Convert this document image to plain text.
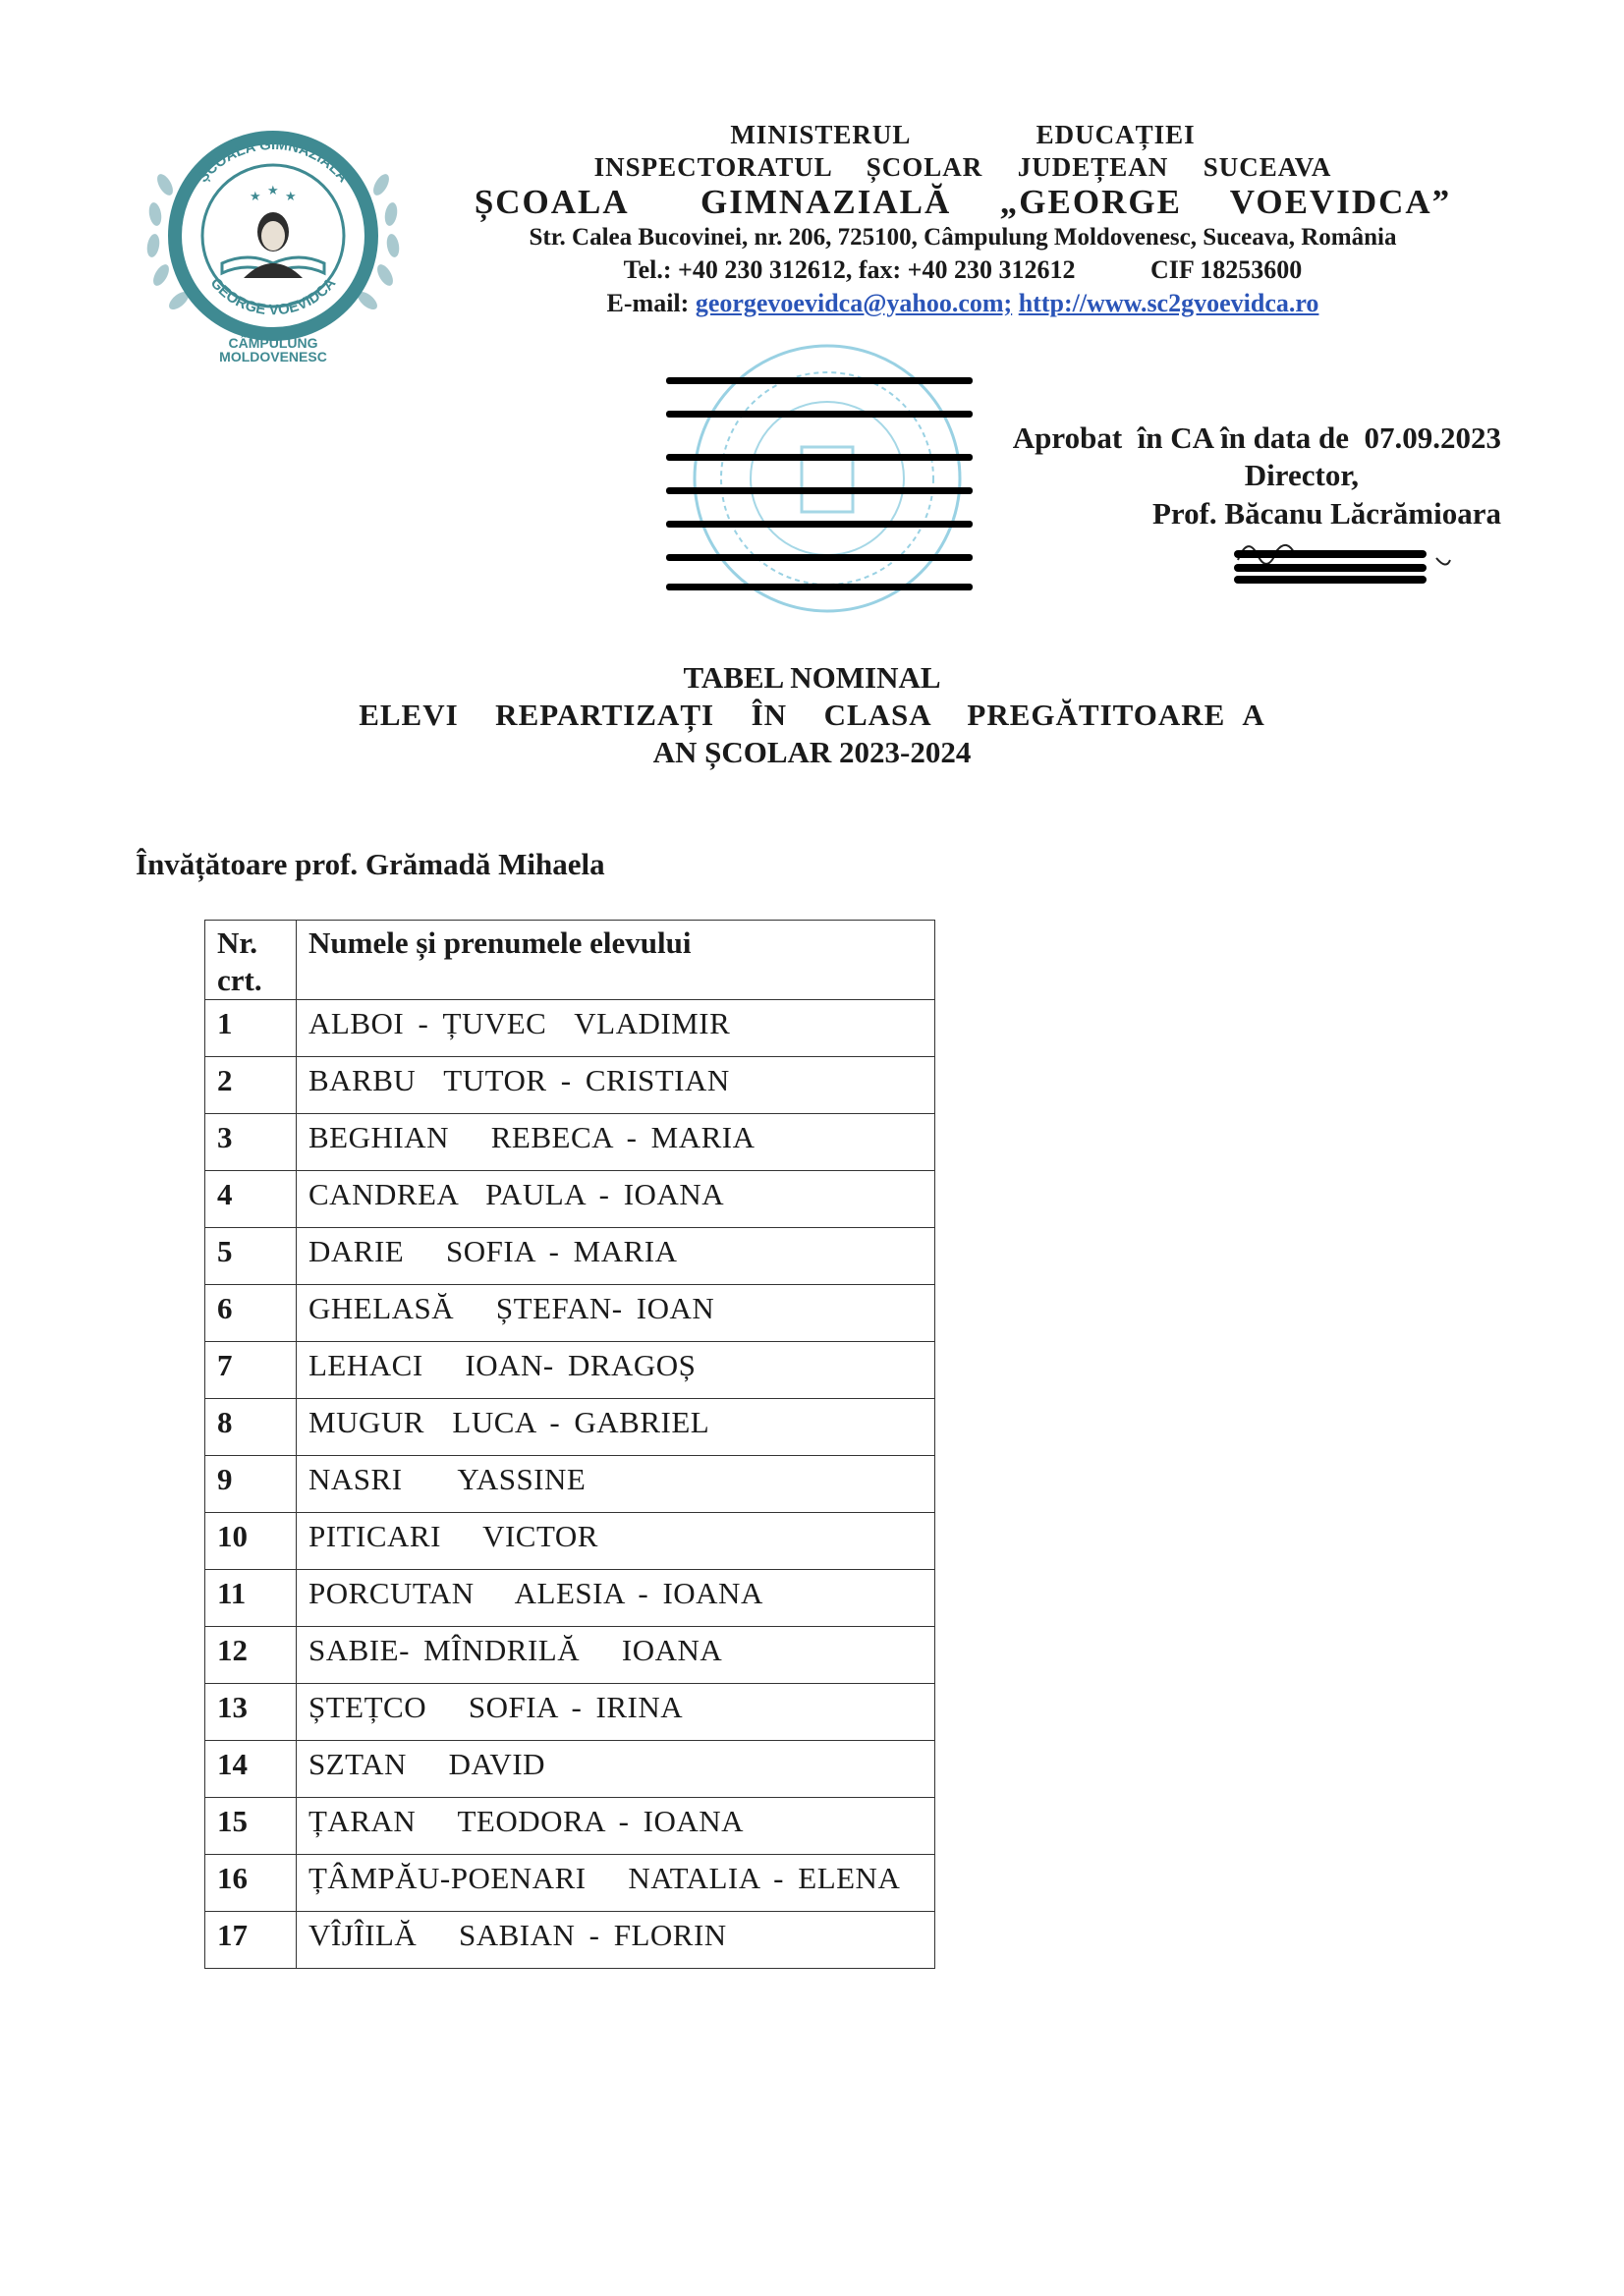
ȘCOALA GIMNAZIALĂ
GEORGE VOEVIDCA
★ ★ ★
CÂMPULUNG
MOLDOVENESC
MINISTERUL     EDUCAȚIEI
INSPECTORATUL  ȘCOLAR  JUDEȚEAN  SUCEAVA
ȘCOALA   GIMNAZIALĂ  „GEORGE  VOEVIDCA”
Str. Calea Bucovinei, nr. 206, 725100, Câmpulung Moldovenesc, Suceava, România
Tel.: +40 230 312612, fax: +40 230 312612	CIF 18253600
E-mail: georgevoevidca@yahoo.com; http://www.sc2gvoevidca.ro
Aprobat  în CA în data de  07.09.2023
Director,
Prof. Băcanu Lăcrămioara
TABEL NOMINAL
ELEVI  REPARTIZAȚI  ÎN  CLASA  PREGĂTITOARE A
AN ȘCOLAR 2023-2024
Învățătoare prof. Grămadă Mihaela
Nr.
crt.	Numele și prenumele elevului
1	ALBOI - ȚUVEC  VLADIMIR
2	BARBU  TUTOR - CRISTIAN
3	BEGHIAN   REBECA - MARIA
4	CANDREA  PAULA - IOANA
5	DARIE   SOFIA - MARIA
6	GHELASĂ   ȘTEFAN- IOAN
7	LEHACI   IOAN- DRAGOȘ
8	MUGUR  LUCA - GABRIEL
9	NASRI    YASSINE
10	PITICARI   VICTOR
11	PORCUTAN   ALESIA - IOANA
12	SABIE- MÎNDRILĂ   IOANA
13	ȘTEȚCO   SOFIA - IRINA
14	SZTAN   DAVID
15	ȚARAN   TEODORA - IOANA
16	ȚÂMPĂU-POENARI   NATALIA - ELENA
17	VÎJÎILĂ   SABIAN - FLORIN
